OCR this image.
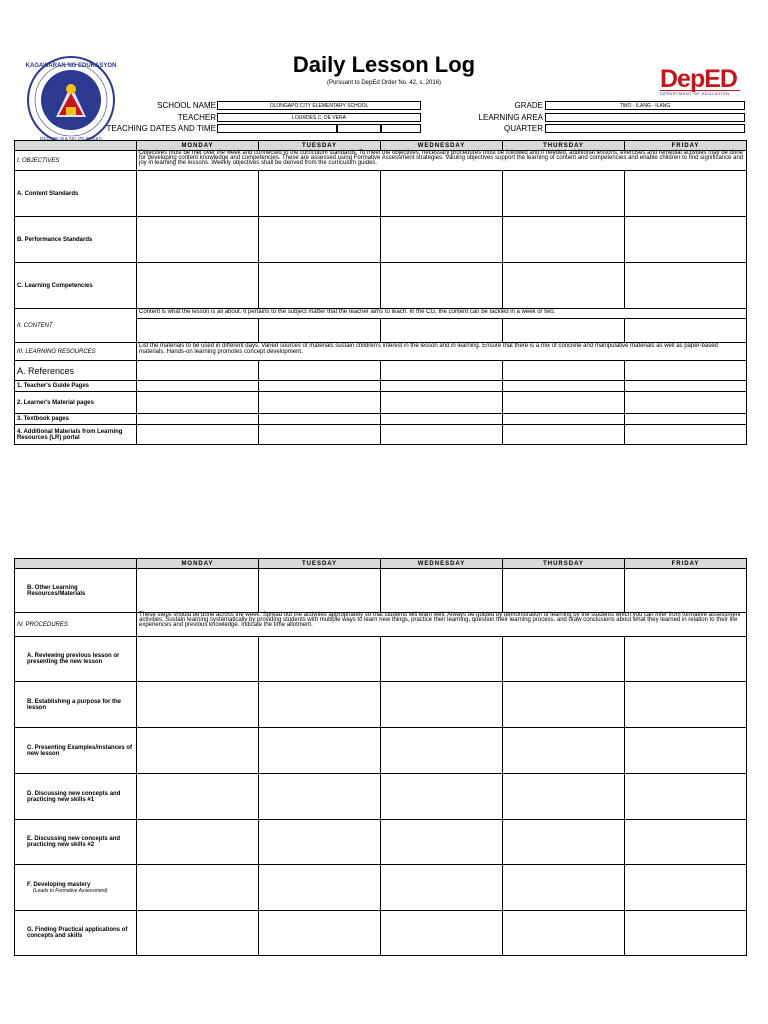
Daily Lesson Log
(Pursuant to DepEd Order No. 42, s. 2016)
KAGAWARAN NG EDUKASYON	DepED
DEPARTMENT OF EDUCATION
SCHOOL NAME	OLONGAPO CITY ELEMENTARY SCHOOL
TEACHER	LOURDES C. DE VERA
TEACHING DATES AND TIME
GRADE	TWO - ILANG - ILANG
LEARNING AREA
QUARTER
	MONDAY	TUESDAY	WEDNESDAY	THURSDAY	FRIDAY
I. OBJECTIVES	Objectives must be met over the week and connected to the curriculum standards. To meet the objectives, necessary procedures must be followed and if needed, additional lessons, exercises and remedial activities may be done for developing content knowledge and competencies. These are assessed using Formative Assessment strategies. Valuing objectives support the learning of content and competencies and enable children to find significance and joy in learning the lessons. Weekly objectives shall be derived from the curriculum guides.				
A. Content Standards					
B. Performance Standards					
C. Learning Competencies					
II. CONTENT	Content is what the lesson is all about. It pertains to the subject matter that the teacher aims to teach. In the CG, the content can be tackled in a week or two.				

III. LEARNING RESOURCES	List the materials to be used in different days. Varied sources of materials sustain children's interest in the lesson and in learning. Ensure that there is a mix of concrete and manipulative materials as well as paper-based materials. Hands-on learning promotes concept development.				
A. References					
1. Teacher's Guide Pages					
2. Learner's Material pages					
3. Textbook pages					
4. Additional Materials from Learning Resources (LR) portal					
	MONDAY	TUESDAY	WEDNESDAY	THURSDAY	FRIDAY
B. Other Learning Resources/Materials					
IV. PROCEDURES	These steps should be done across the week. Spread out the activities appropriately so that students will learn well. Always be guided by demonstration of learning by the students which you can infer from formative assessment activities. Sustain learning systematically by providing students with multiple ways to learn new things, practice their learning, question their learning process, and draw conclusions about what they learned in relation to their life experiences and previous knowledge. Indicate the time allotment.				
A. Reviewing previous lesson or presenting the new lesson					
B. Establishing a purpose for the lesson					
C. Presenting Examples/instances of new lesson					
D. Discussing new concepts and practicing new skills #1					
E. Discussing new concepts and practicing new skills #2					

F. Developing mastery
(Leads to Formative Assessment)					

G. Finding Practical applications of concepts and skills					
